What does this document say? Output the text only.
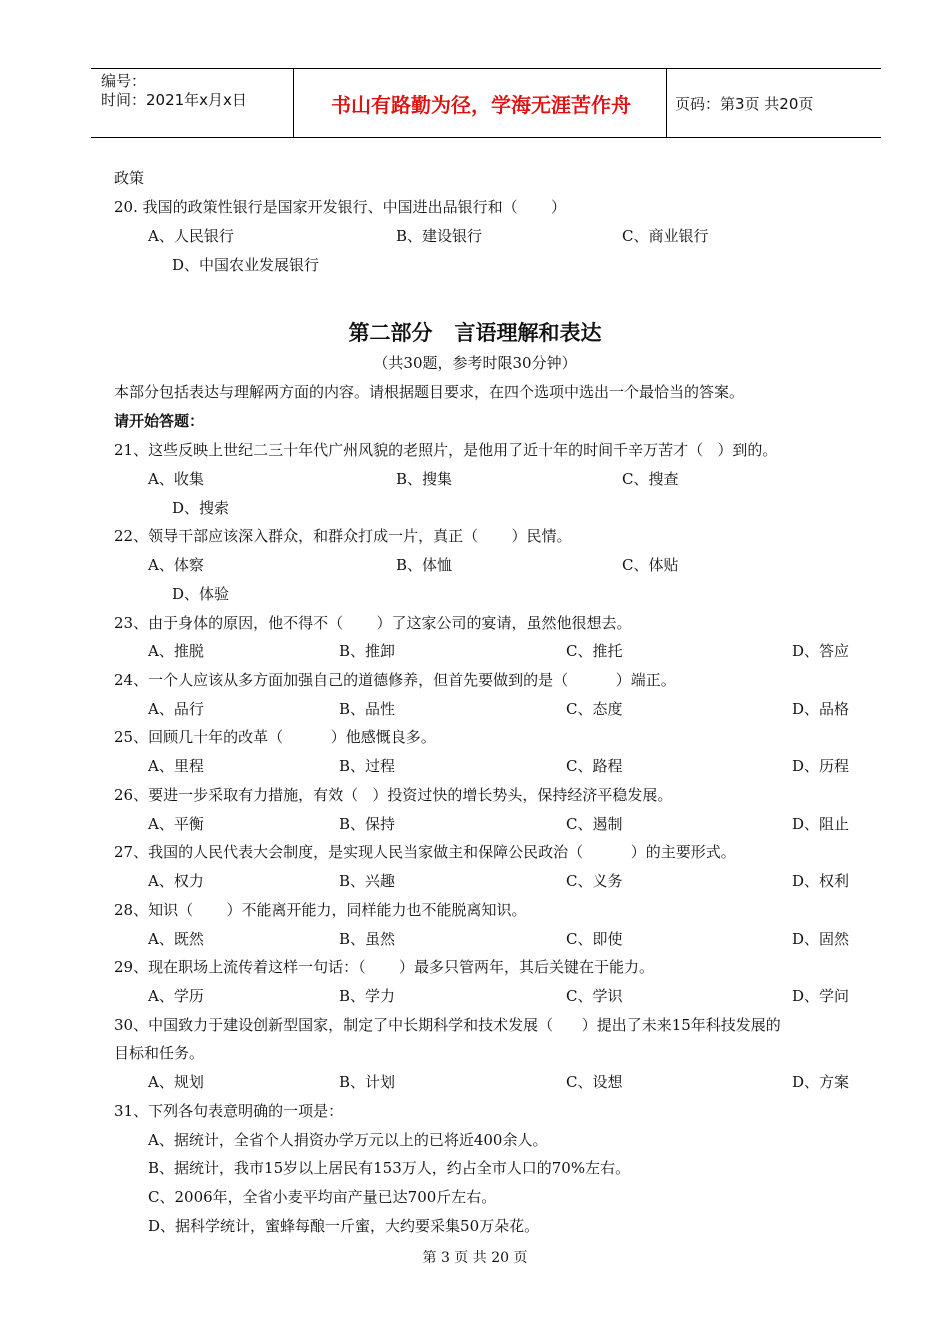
编号：
时间：2021年x月x日	书山有路勤为径，学海无涯苦作舟	页码：第3页 共20页
政策
20. 我国的政策性银行是国家开发银行、中国进出品银行和（       ）
A、人民银行	B、建设银行	C、商业银行
D、中国农业发展银行
第二部分   言语理解和表达
（共30题，参考时限30分钟）
本部分包括表达与理解两方面的内容。请根据题目要求，在四个选项中选出一个最恰当的答案。
请开始答题：
21、这些反映上世纪二三十年代广州风貌的老照片，是他用了近十年的时间千辛万苦才（   ）到的。
A、收集	B、搜集	C、搜查
D、搜索
22、领导干部应该深入群众，和群众打成一片，真正（       ）民情。
A、体察	B、体恤	C、体贴
D、体验
23、由于身体的原因，他不得不（       ）了这家公司的宴请，虽然他很想去。
A、推脱	B、推卸	C、推托	D、答应
24、一个人应该从多方面加强自己的道德修养，但首先要做到的是（          ）端正。
A、品行	B、品性	C、态度	D、品格
25、回顾几十年的改革（          ）他感慨良多。
A、里程	B、过程	C、路程	D、历程
26、要进一步采取有力措施，有效（   ）投资过快的增长势头，保持经济平稳发展。
A、平衡	B、保持	C、遏制	D、阻止
27、我国的人民代表大会制度，是实现人民当家做主和保障公民政治（          ）的主要形式。
A、权力	B、兴趣	C、义务	D、权利
28、知识（       ）不能离开能力，同样能力也不能脱离知识。
A、既然	B、虽然	C、即使	D、固然
29、现在职场上流传着这样一句话：（       ）最多只管两年，其后关键在于能力。
A、学历	B、学力	C、学识	D、学问
30、中国致力于建设创新型国家，制定了中长期科学和技术发展（      ）提出了未来15年科技发展的
目标和任务。
A、规划	B、计划	C、设想	D、方案
31、下列各句表意明确的一项是：
A、据统计，全省个人捐资办学万元以上的已将近400余人。
B、据统计，我市15岁以上居民有153万人，约占全市人口的70%左右。
C、2006年，全省小麦平均亩产量已达700斤左右。
D、据科学统计，蜜蜂每酿一斤蜜，大约要采集50万朵花。
第 3 页 共 20 页
